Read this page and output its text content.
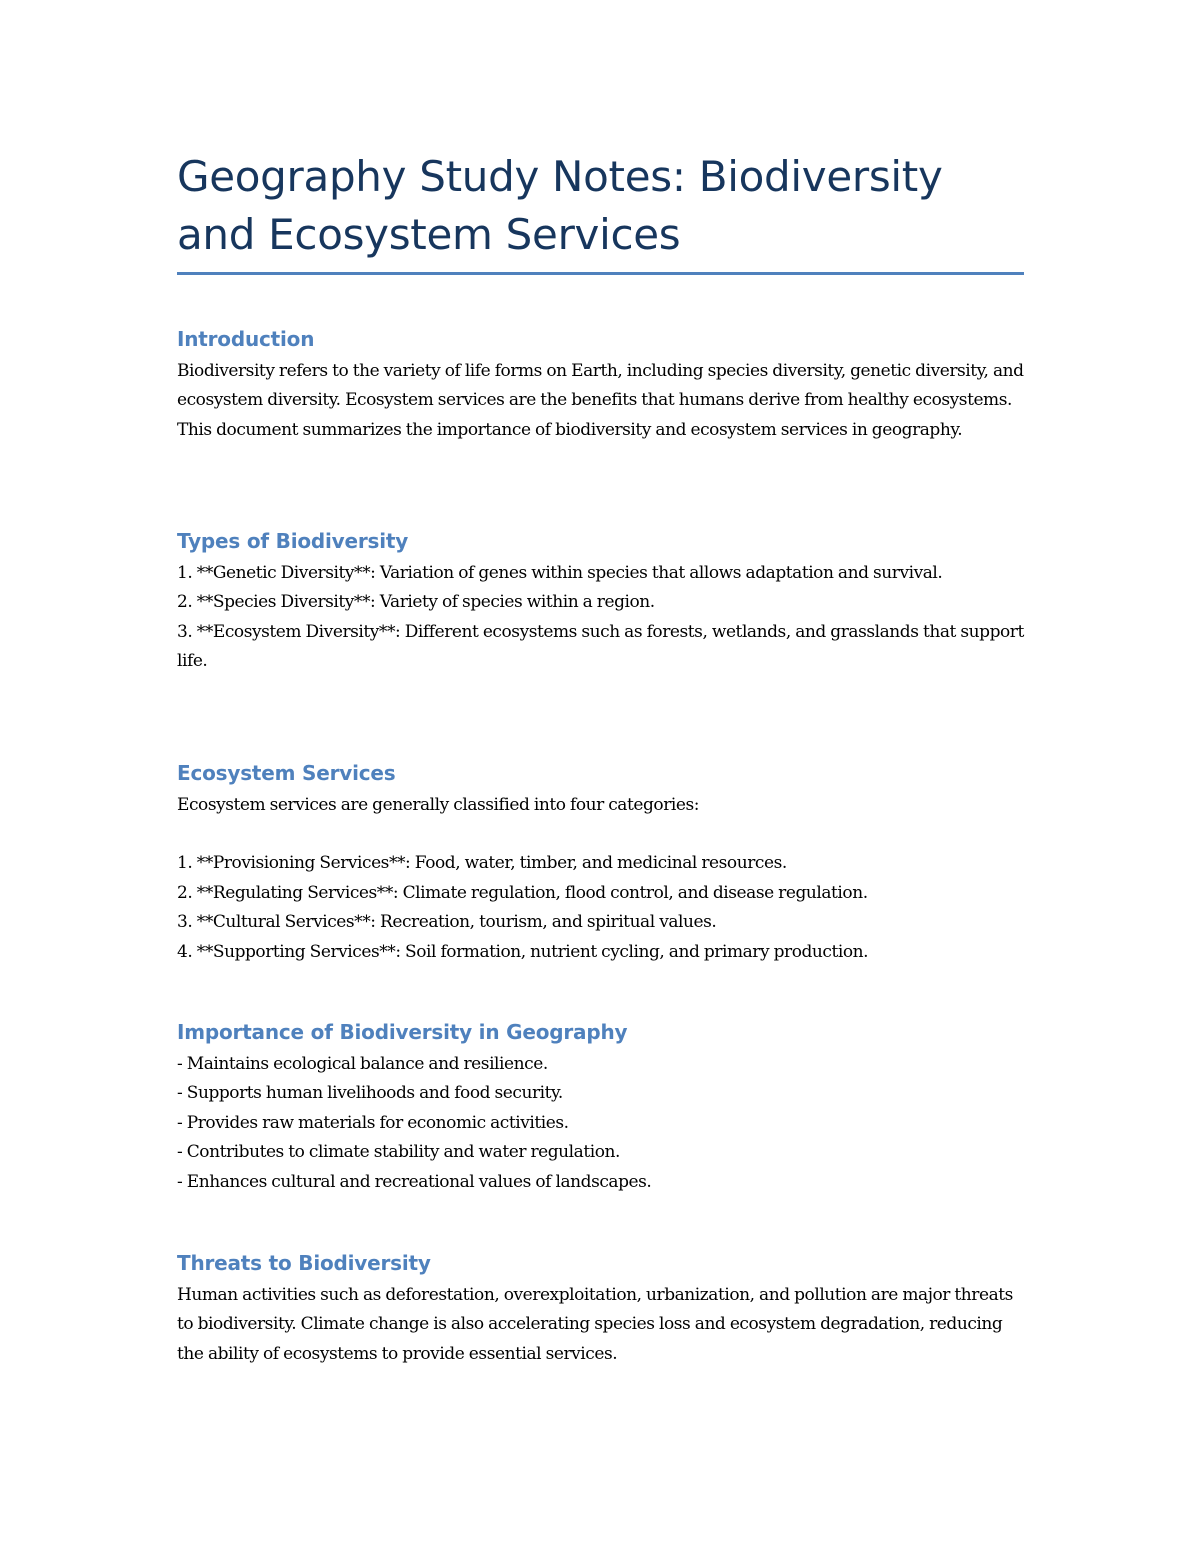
Geography Study Notes: Biodiversity and Ecosystem Services
Introduction

Biodiversity refers to the variety of life forms on Earth, including species diversity, genetic diversity, and ecosystem diversity. Ecosystem services are the benefits that humans derive from healthy ecosystems. This document summarizes the importance of biodiversity and ecosystem services in geography.

Types of Biodiversity
1. **Genetic Diversity**: Variation of genes within species that allows adaptation and survival.
2. **Species Diversity**: Variety of species within a region.
3. **Ecosystem Diversity**: Different ecosystems such as forests, wetlands, and grasslands that support life.
Ecosystem Services

Ecosystem services are generally classified into four categories:

1. **Provisioning Services**: Food, water, timber, and medicinal resources.
2. **Regulating Services**: Climate regulation, flood control, and disease regulation.
3. **Cultural Services**: Recreation, tourism, and spiritual values.
4. **Supporting Services**: Soil formation, nutrient cycling, and primary production.
Importance of Biodiversity in Geography
- Maintains ecological balance and resilience.
- Supports human livelihoods and food security.
- Provides raw materials for economic activities.
- Contributes to climate stability and water regulation.
- Enhances cultural and recreational values of landscapes.
Threats to Biodiversity

Human activities such as deforestation, overexploitation, urbanization, and pollution are major threats to biodiversity. Climate change is also accelerating species loss and ecosystem degradation, reducing the ability of ecosystems to provide essential services.
